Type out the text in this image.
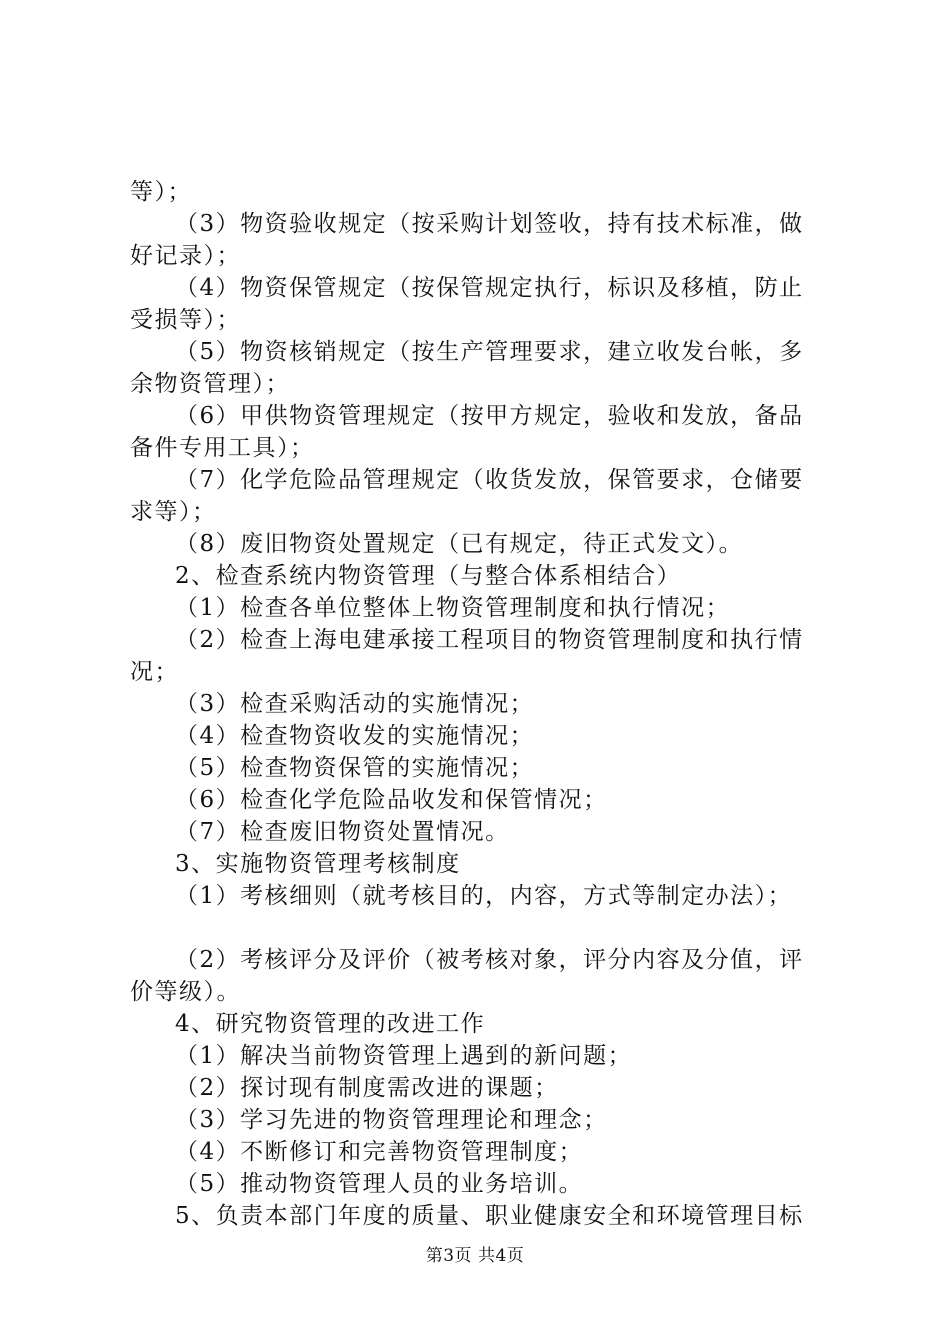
等）；
（3）物资验收规定（按采购计划签收，持有技术标准，做
好记录）；
（4）物资保管规定（按保管规定执行，标识及移植，防止
受损等）；
（5）物资核销规定（按生产管理要求，建立收发台帐，多
余物资管理）；
（6）甲供物资管理规定（按甲方规定，验收和发放，备品
备件专用工具）；
（7）化学危险品管理规定（收货发放，保管要求，仓储要
求等）；
（8）废旧物资处置规定（已有规定，待正式发文）。
2、检查系统内物资管理（与整合体系相结合）
（1）检查各单位整体上物资管理制度和执行情况；
（2）检查上海电建承接工程项目的物资管理制度和执行情
况；
（3）检查采购活动的实施情况；
（4）检查物资收发的实施情况；
（5）检查物资保管的实施情况；
（6）检查化学危险品收发和保管情况；
（7）检查废旧物资处置情况。
3、实施物资管理考核制度
（1）考核细则（就考核目的，内容，方式等制定办法）；
（2）考核评分及评价（被考核对象，评分内容及分值，评
价等级）。
4、研究物资管理的改进工作
（1）解决当前物资管理上遇到的新问题；
（2）探讨现有制度需改进的课题；
（3）学习先进的物资管理理论和理念；
（4）不断修订和完善物资管理制度；
（5）推动物资管理人员的业务培训。
5、负责本部门年度的质量、职业健康安全和环境管理目标
第3页 共4页
